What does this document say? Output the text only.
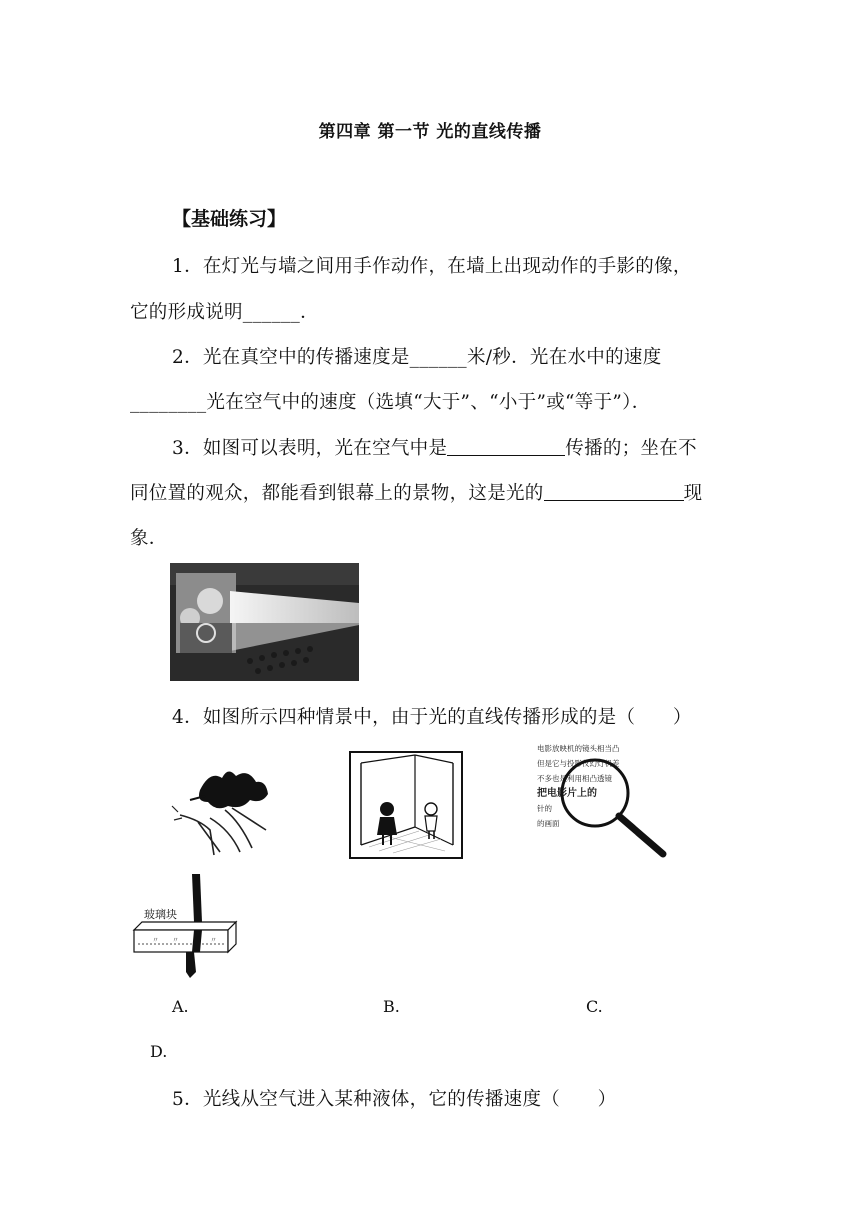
第四章 第一节 光的直线传播
【基础练习】
1．在灯光与墙之间用手作动作，在墙上出现动作的手影的像，
它的形成说明______．
2．光在真空中的传播速度是______米/秒．光在水中的速度
________光在空气中的速度（选填“大于”、“小于”或“等于”）．
3．如图可以表明，光在空气中是	传播的；坐在不
同位置的观众，都能看到银幕上的景物，这是光的	现
象．
4．如图所示四种情景中，由于光的直线传播形成的是（　　）
电影放映机的镜头相当凸
但是它与投影仪幻灯机差
不多也是利用相凸透镜
把电影片上的
针的
的画面
玻璃块
〃 〃	〃
A.	B.	C.
D.
5．光线从空气进入某种液体，它的传播速度（　　）
